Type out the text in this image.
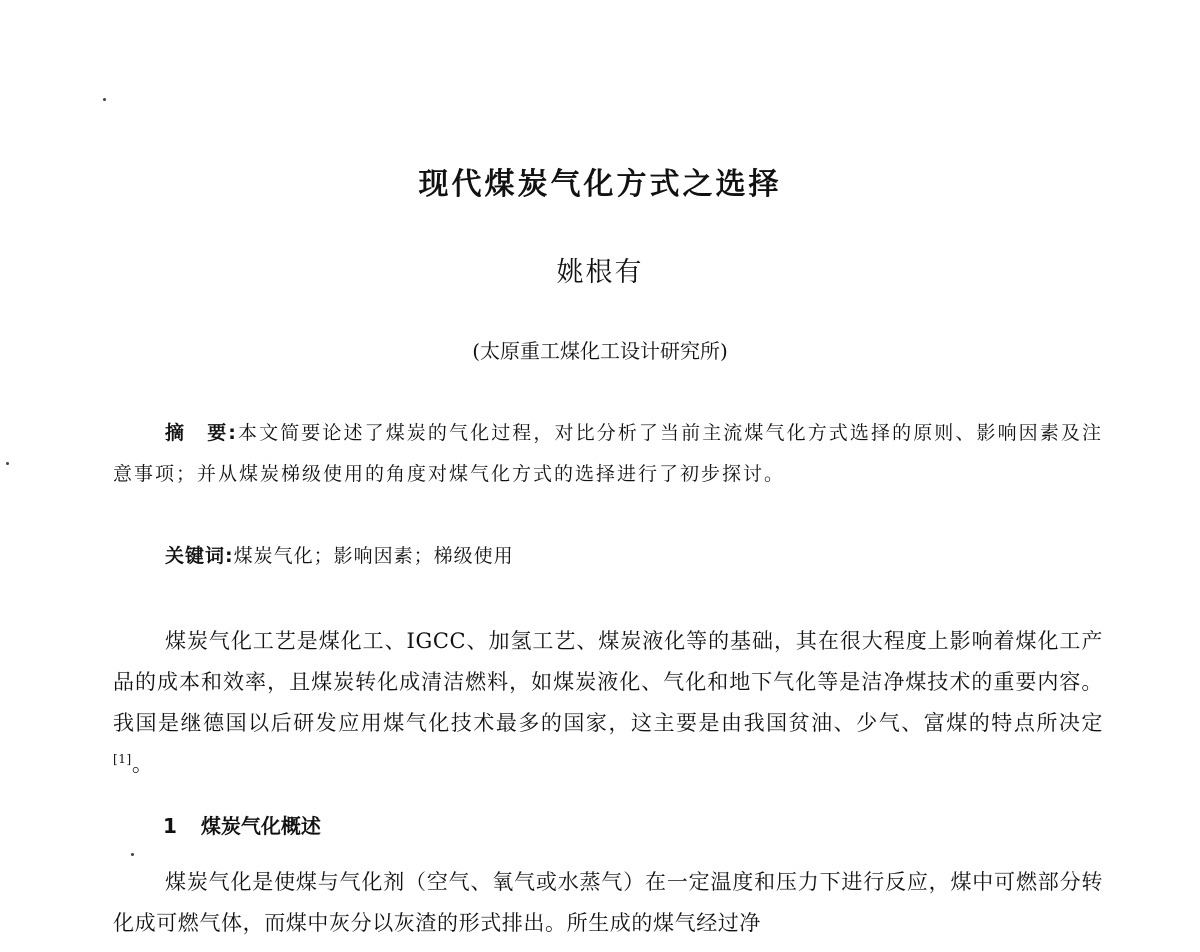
现代煤炭气化方式之选择
姚根有
(太原重工煤化工设计研究所)
摘　要:本文简要论述了煤炭的气化过程，对比分析了当前主流煤气化方式选择的原则、影响因素及注意事项；并从煤炭梯级使用的角度对煤气化方式的选择进行了初步探讨。
关键词:煤炭气化；影响因素；梯级使用
煤炭气化工艺是煤化工、IGCC、加氢工艺、煤炭液化等的基础，其在很大程度上影响着煤化工产品的成本和效率，且煤炭转化成清洁燃料，如煤炭液化、气化和地下气化等是洁净煤技术的重要内容。我国是继德国以后研发应用煤气化技术最多的国家，这主要是由我国贫油、少气、富煤的特点所决定[1]。
1 煤炭气化概述
煤炭气化是使煤与气化剂（空气、氧气或水蒸气）在一定温度和压力下进行反应，煤中可燃部分转化成可燃气体，而煤中灰分以灰渣的形式排出。所生成的煤气经过净
